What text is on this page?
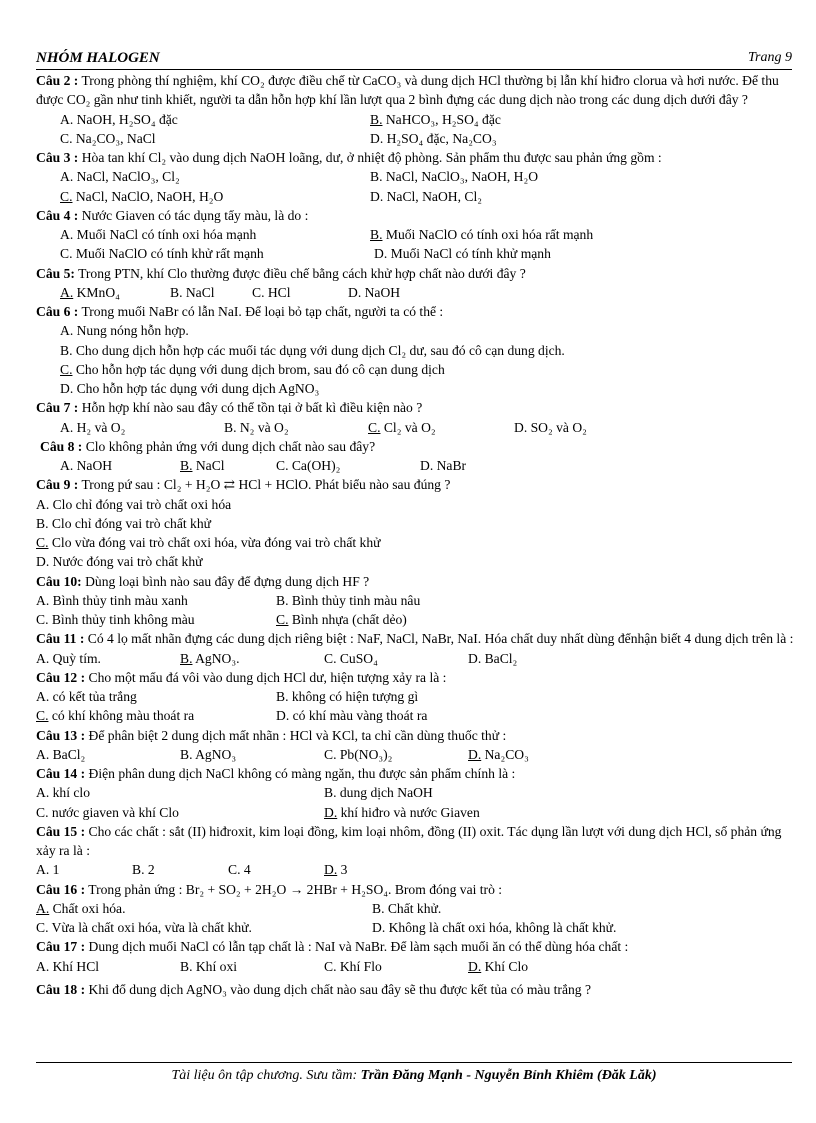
NHÓM HALOGEN	Trang 9
Câu 2 : Trong phòng thí nghiệm, khí CO₂ được điều chế từ CaCO₃ và dung dịch HCl thường bị lẫn khí hiđro clorua và hơi nước. Để thu được CO₂ gần như tinh khiết, người ta dẫn hỗn hợp khí lần lượt qua 2 bình đựng các dung dịch nào trong các dung dịch dưới đây ?
A. NaOH, H₂SO₄ đặc	B. NaHCO₃, H₂SO₄ đặc
C. Na₂CO₃, NaCl	D. H₂SO₄ đặc, Na₂CO₃
Câu 3 : Hòa tan khí Cl₂ vào dung dịch NaOH loãng, dư, ở nhiệt độ phòng. Sản phẩm thu được sau phản ứng gồm :
A. NaCl, NaClO₃, Cl₂	B. NaCl, NaClO₃, NaOH, H₂O
C. NaCl, NaClO, NaOH, H₂O	D. NaCl, NaOH, Cl₂
Câu 4 : Nước Giaven có tác dụng tẩy màu, là do :
A. Muối NaCl có tính oxi hóa mạnh	B. Muối NaClO có tính oxi hóa rất mạnh
C. Muối NaClO có tính khử rất mạnh	D. Muối NaCl có tính khử mạnh
Câu 5: Trong PTN, khí Clo thường được điều chế bằng cách khử hợp chất nào dưới đây ?
A. KMnO₄	B. NaCl	C. HCl	D. NaOH
Câu 6 : Trong muối NaBr có lẫn NaI. Để loại bỏ tạp chất, người ta có thể :
A. Nung nóng hỗn hợp.
B. Cho dung dịch hỗn hợp các muối tác dụng với dung dịch Cl₂ dư, sau đó cô cạn dung dịch.
C. Cho hỗn hợp tác dụng với dung dịch brom, sau đó cô cạn dung dịch
D. Cho hỗn hợp tác dụng với dung dịch AgNO₃
Câu 7 : Hỗn hợp khí nào sau đây có thể tồn tại ở bất kì điều kiện nào ?
A. H₂ và O₂	B. N₂ và O₂	C. Cl₂ và O₂	D. SO₂ và O₂
Câu 8 : Clo không phản ứng với dung dịch chất nào sau đây?
A. NaOH	B. NaCl	C. Ca(OH)₂	D. NaBr
Câu 9 : Trong pứ sau : Cl₂ + H₂O ⇄ HCl + HClO. Phát biểu nào sau đúng ?
A. Clo chỉ đóng vai trò chất oxi hóa
B. Clo chỉ đóng vai trò chất khử
C. Clo vừa đóng vai trò chất oxi hóa, vừa đóng vai trò chất khử
D. Nước đóng vai trò chất khử
Câu 10: Dùng loại bình nào sau đây để đựng dung dịch HF ?
A. Bình thủy tinh màu xanh	B. Bình thủy tinh màu nâu
C. Bình thủy tinh không màu	C. Bình nhựa (chất dẻo)
Câu 11 : Có 4 lọ mất nhãn đựng các dung dịch riêng biệt : NaF, NaCl, NaBr, NaI. Hóa chất duy nhất dùng đểnhận biết 4 dung dịch trên là :
A. Quỳ tím.	B. AgNO₃.	C. CuSO₄	D. BaCl₂
Câu 12 : Cho một mẩu đá vôi vào dung dịch HCl dư, hiện tượng xảy ra là :
A. có kết tủa trắng	B. không có hiện tượng gì
C. có khí không màu thoát ra	D. có khí màu vàng thoát ra
Câu 13 : Để phân biệt 2 dung dịch mất nhãn : HCl và KCl, ta chỉ cần dùng thuốc thử :
A. BaCl₂	B. AgNO₃	C. Pb(NO₃)₂	D. Na₂CO₃
Câu 14 : Điện phân dung dịch NaCl không có màng ngăn, thu được sản phẩm chính là :
A. khí clo	B. dung dịch NaOH
C. nước giaven và khí Clo	D. khí hiđro và nước Giaven
Câu 15 : Cho các chất : sắt (II) hiđroxit, kim loại đồng, kim loại nhôm, đồng (II) oxit. Tác dụng lần lượt với dung dịch HCl, số phản ứng xảy ra là :
A. 1	B. 2	C. 4	D. 3
Câu 16 : Trong phản ứng : Br₂ + SO₂ + 2H₂O → 2HBr + H₂SO₄. Brom đóng vai trò :
A. Chất oxi hóa.	B. Chất khử.
C. Vừa là chất oxi hóa, vừa là chất khử.	D. Không là chất oxi hóa, không là chất khử.
Câu 17 : Dung dịch muối NaCl có lẫn tạp chất là : NaI và NaBr. Để làm sạch muối ăn có thể dùng hóa chất :
A. Khí HCl	B. Khí oxi	C. Khí Flo	D. Khí Clo
Câu 18 : Khi đổ dung dịch AgNO₃ vào dung dịch chất nào sau đây sẽ thu được kết tủa có màu trắng ?
Tài liệu ôn tập chương. Sưu tầm: Trần Đăng Mạnh - Nguyễn Bỉnh Khiêm (Đăk Lăk)
